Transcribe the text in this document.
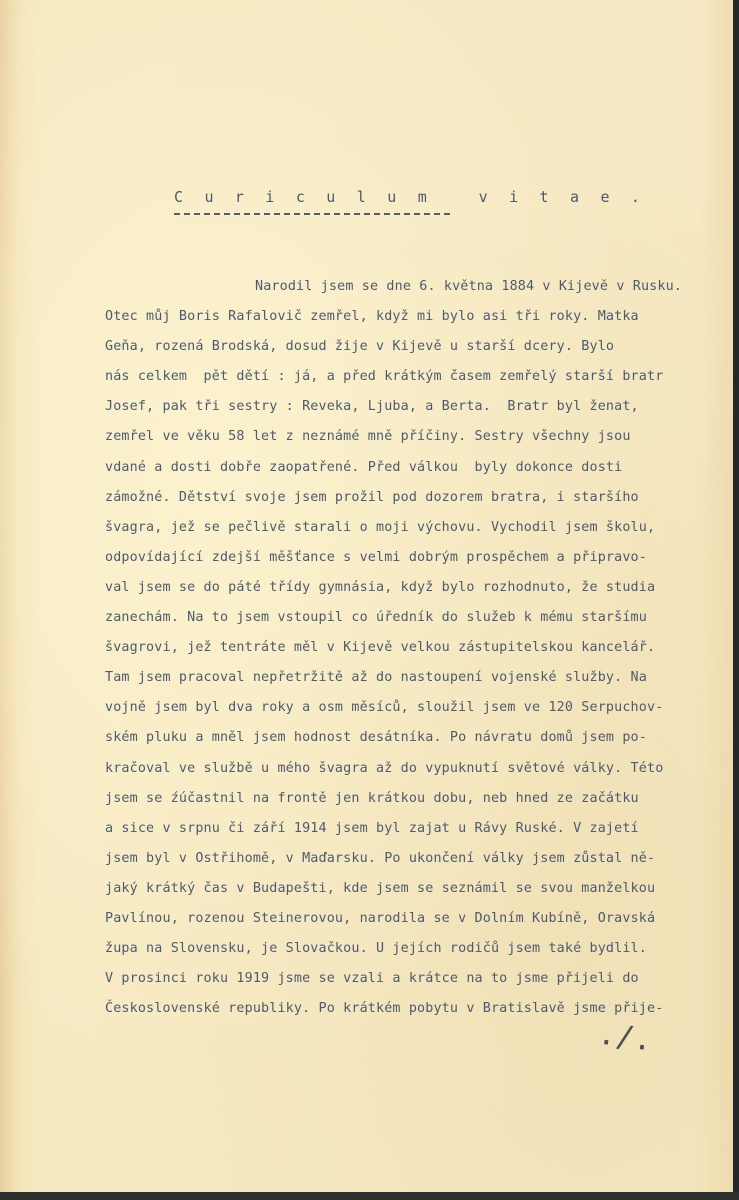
C u r i c u l u m   v i t a e .
Narodil jsem se dne 6. května 1884 v Kijevě v Rusku.
Otec můj Boris Rafalovič zemřel, když mi bylo asi tři roky. Matka
Geňa, rozená Brodská, dosud žije v Kijevě u starší dcery. Bylo
nás celkem  pět dětí : já, a před krátkým časem zemřelý starší bratr
Josef, pak tři sestry : Reveka, Ljuba, a Berta.  Bratr byl ženat,
zemřel ve věku 58 let z neznámé mně příčiny. Sestry všechny jsou
vdané a dosti dobře zaopatřené. Před válkou  byly dokonce dosti
zámožné. Dětství svoje jsem prožil pod dozorem bratra, i staršího
švagra, jež se pečlivě starali o moji výchovu. Vychodil jsem školu,
odpovídající zdejší měšťance s velmi dobrým prospěchem a připravo-
val jsem se do páté třídy gymnásia, když bylo rozhodnuto, že studia
zanechám. Na to jsem vstoupil co úředník do služeb k mému staršímu
švagrovi, jež tentráte měl v Kijevě velkou zástupitelskou kancelář.
Tam jsem pracoval nepřetržitě až do nastoupení vojenské služby. Na
vojně jsem byl dva roky a osm měsíců, sloužil jsem ve 120 Serpuchov-
ském pluku a mněl jsem hodnost desátníka. Po návratu domů jsem po-
kračoval ve službě u mého švagra až do vypuknutí světové války. Této
jsem se źúčastnil na frontě jen krátkou dobu, neb hned ze začátku
a sice v srpnu či září 1914 jsem byl zajat u Rávy Ruské. V zajetí
jsem byl v Ostřihomě, v Maďarsku. Po ukončení války jsem zůstal ně-
jaký krátký čas v Budapešti, kde jsem se seznámil se svou manželkou
Pavlínou, rozenou Steinerovou, narodila se v Dolním Kubíně, Oravská
župa na Slovensku, je Slovačkou. U jejích rodičů jsem také bydlil.
V prosinci roku 1919 jsme se vzali a krátce na to jsme přijeli do
Československé republiky. Po krátkém pobytu v Bratislavě jsme přije-
./.
